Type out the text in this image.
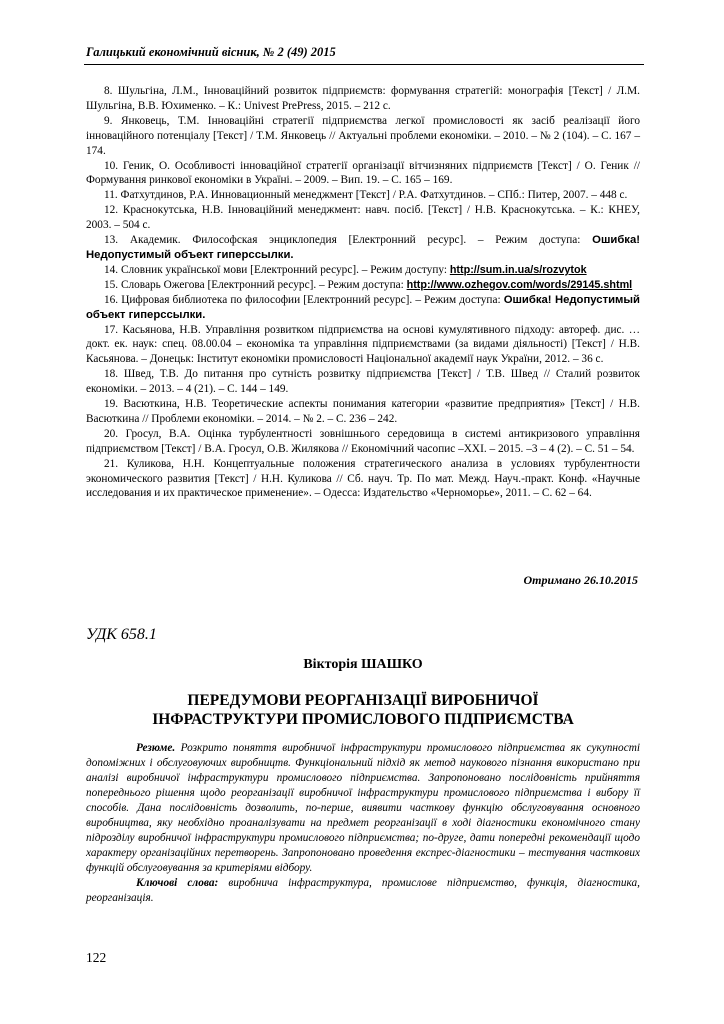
Галицький економічний вісник, № 2 (49) 2015

8. Шульгіна, Л.М., Інноваційний розвиток підприємств: формування стратегій: монографія [Текст] / Л.М. Шульгіна, В.В. Юхименко. – К.: Univest PrePress, 2015. – 212 с.

9. Янковець, Т.М. Інноваційні стратегії підприємства легкої промисловості як засіб реалізації його інноваційного потенціалу [Текст] / Т.М. Янковець // Актуальні проблеми економіки. – 2010. – № 2 (104). – С. 167 – 174.

10. Геник, О. Особливості інноваційної стратегії організації вітчизняних підприємств [Текст] / О. Геник // Формування ринкової економіки в Україні. – 2009. – Вип. 19. – С. 165 – 169.

11. Фатхутдинов, Р.А. Инновационный менеджмент [Текст] / Р.А. Фатхутдинов. – СПб.: Питер, 2007. – 448 с.

12. Краснокутська, Н.В. Інноваційний менеджмент: навч. посіб. [Текст] / Н.В. Краснокутська. – К.: КНЕУ, 2003. – 504 с.

13. Академик. Философская энциклопедия [Електронний ресурс]. – Режим доступа: Ошибка! Недопустимый объект гиперссылки.

14. Словник української мови [Електронний ресурс]. – Режим доступу: http://sum.in.ua/s/rozvytok

15. Словарь Ожегова [Електронний ресурс]. – Режим доступа: http://www.ozhegov.com/words/29145.shtml

16. Цифровая библиотека по философии [Електронний ресурс]. – Режим доступа: Ошибка! Недопустимый объект гиперссылки.

17. Касьянова, Н.В. Управління розвитком підприємства на основі кумулятивного підходу: автореф. дис. … докт. ек. наук: спец. 08.00.04 – економіка та управління підприємствами (за видами діяльності) [Текст] / Н.В. Касьянова. – Донецьк: Інститут економіки промисловості Національної академії наук України, 2012. – 36 с.

18. Швед, Т.В. До питання про сутність розвитку підприємства [Текст] / Т.В. Швед // Сталий розвиток економіки. – 2013. – 4 (21). – С. 144 – 149.

19. Васюткина, Н.В. Теоретические аспекты понимания категории «развитие предприятия» [Текст] / Н.В. Васюткина // Проблеми економіки. – 2014. – № 2. – С. 236 – 242.

20. Гросул, В.А. Оцінка турбулентності зовнішнього середовища в системі антикризового управління підприємством [Текст] / В.А. Гросул, О.В. Жилякова // Економічний часопис –XXI. – 2015. –3 – 4 (2). – С. 51 – 54.

21. Куликова, Н.Н. Концептуальные положения стратегического анализа в условиях турбулентности экономического развития [Текст] / Н.Н. Куликова // Сб. науч. Тр. По мат. Межд. Науч.-практ. Конф. «Научные исследования и их практическое применение». – Одесса: Издательство «Черноморье», 2011. – С. 62 – 64.

Отримано 26.10.2015
УДК 658.1
Вікторія ШАШКО
ПЕРЕДУМОВИ РЕОРГАНІЗАЦІЇ ВИРОБНИЧОЇ
ІНФРАСТРУКТУРИ ПРОМИСЛОВОГО ПІДПРИЄМСТВА

Резюме. Розкрито поняття виробничої інфраструктури промислового підприємства як сукупності допоміжних і обслуговуючих виробництв. Функціональний підхід як метод наукового пізнання використано при аналізі виробничої інфраструктури промислового підприємства. Запропоновано послідовність прийняття попереднього рішення щодо реорганізації виробничої інфраструктури промислового підприємства і вибору її способів. Дана послідовність дозволить, по-перше, виявити часткову функцію обслуговування основного виробництва, яку необхідно проаналізувати на предмет реорганізації в ході діагностики економічного стану підрозділу виробничої інфраструктури промислового підприємства; по-друге, дати попередні рекомендації щодо характеру організаційних перетворень. Запропоновано проведення експрес-діагностики – тестування часткових функцій обслуговування за критеріями відбору.

Ключові слова: виробнича інфраструктура, промислове підприємство, функція, діагностика, реорганізація.

122
